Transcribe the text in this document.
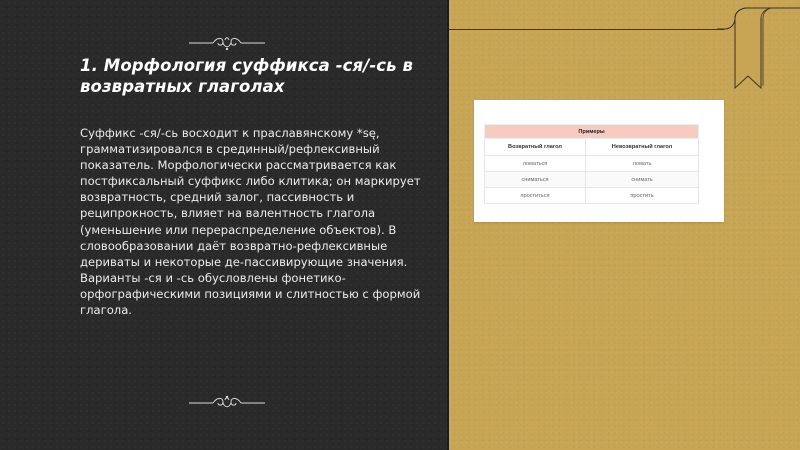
1. Морфология суффикса -ся/-сь в возвратных глаголах
Суффикс -ся/-сь восходит к праславянскому *sę, грамматизировался в срединный/рефлексивный показатель. Морфологически рассматривается как постфиксальный суффикс либо клитика; он маркирует возвратность, средний залог, пассивность и реципрокность, влияет на валентность глагола (уменьшение или перераспределение объектов). В словообразовании даёт возвратно-рефлексивные дериваты и некоторые де-пассивирующие значения. Варианты -ся и -сь обусловлены фонетико-орфографическими позициями и слитностью с формой глагола.
Примеры	
Возвратный глагол	Невозвратный глагол
ломаться	ломать
сниматься	снимать
проститься	простить
